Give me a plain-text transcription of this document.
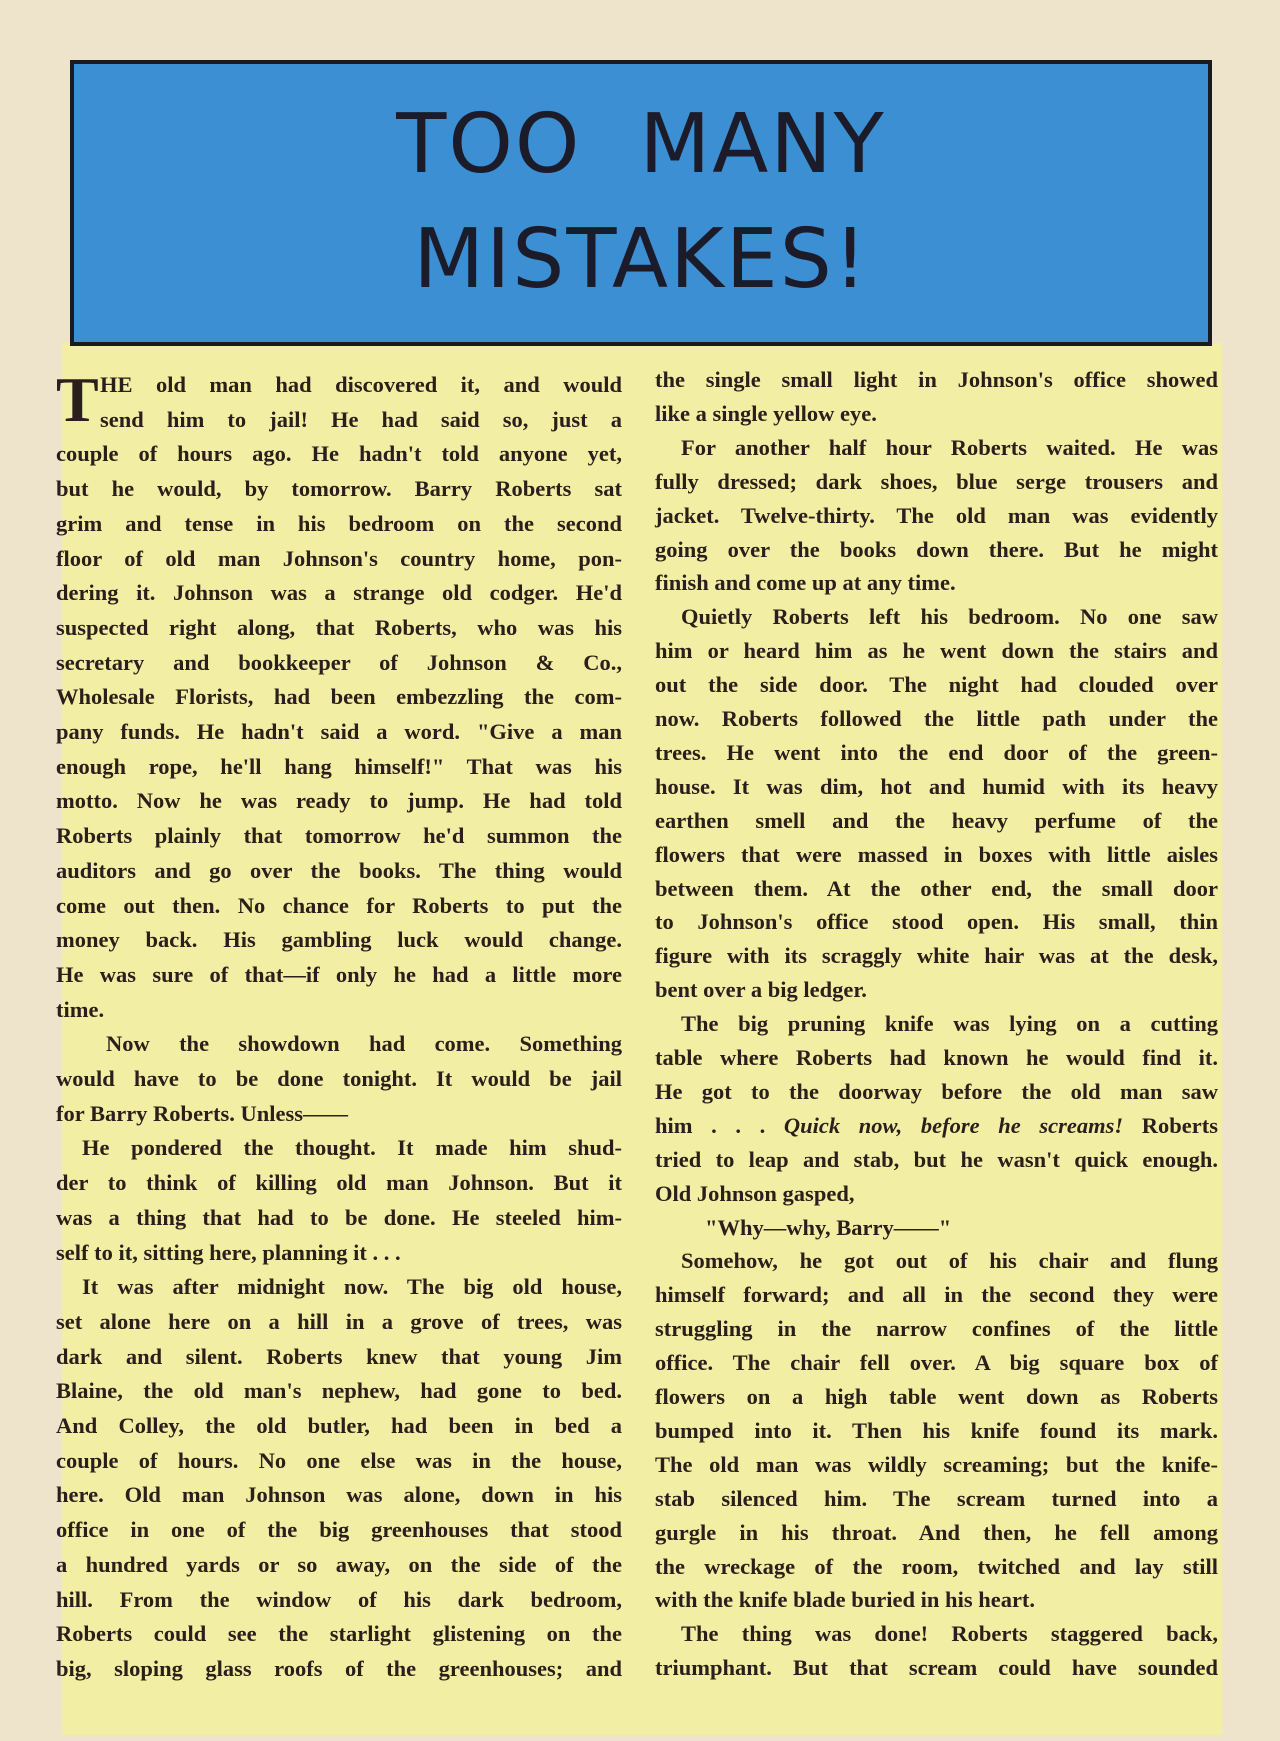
TOO MANY
MISTAKES!
T HE old man had discovered it, and would
send him to jail! He had said so, just a
couple of hours ago. He hadn't told anyone yet,
but he would, by tomorrow. Barry Roberts sat
grim and tense in his bedroom on the second
floor of old man Johnson's country home, pon-
dering it. Johnson was a strange old codger. He'd
suspected right along, that Roberts, who was his
secretary and bookkeeper of Johnson & Co.,
Wholesale Florists, had been embezzling the com-
pany funds. He hadn't said a word. "Give a man
enough rope, he'll hang himself!" That was his
motto. Now he was ready to jump. He had told
Roberts plainly that tomorrow he'd summon the
auditors and go over the books. The thing would
come out then. No chance for Roberts to put the
money back. His gambling luck would change.
He was sure of that—if only he had a little more
time.
Now the showdown had come. Something
would have to be done tonight. It would be jail
for Barry Roberts. Unless——
He pondered the thought. It made him shud-
der to think of killing old man Johnson. But it
was a thing that had to be done. He steeled him-
self to it, sitting here, planning it . . .
It was after midnight now. The big old house,
set alone here on a hill in a grove of trees, was
dark and silent. Roberts knew that young Jim
Blaine, the old man's nephew, had gone to bed.
And Colley, the old butler, had been in bed a
couple of hours. No one else was in the house,
here. Old man Johnson was alone, down in his
office in one of the big greenhouses that stood
a hundred yards or so away, on the side of the
hill. From the window of his dark bedroom,
Roberts could see the starlight glistening on the
big, sloping glass roofs of the greenhouses; and
the single small light in Johnson's office showed
like a single yellow eye.
For another half hour Roberts waited. He was
fully dressed; dark shoes, blue serge trousers and
jacket. Twelve-thirty. The old man was evidently
going over the books down there. But he might
finish and come up at any time.
Quietly Roberts left his bedroom. No one saw
him or heard him as he went down the stairs and
out the side door. The night had clouded over
now. Roberts followed the little path under the
trees. He went into the end door of the green-
house. It was dim, hot and humid with its heavy
earthen smell and the heavy perfume of the
flowers that were massed in boxes with little aisles
between them. At the other end, the small door
to Johnson's office stood open. His small, thin
figure with its scraggly white hair was at the desk,
bent over a big ledger.
The big pruning knife was lying on a cutting
table where Roberts had known he would find it.
He got to the doorway before the old man saw
him . . . Quick now, before he screams! Roberts
tried to leap and stab, but he wasn't quick enough.
Old Johnson gasped,
"Why—why, Barry——"
Somehow, he got out of his chair and flung
himself forward; and all in the second they were
struggling in the narrow confines of the little
office. The chair fell over. A big square box of
flowers on a high table went down as Roberts
bumped into it. Then his knife found its mark.
The old man was wildly screaming; but the knife-
stab silenced him. The scream turned into a
gurgle in his throat. And then, he fell among
the wreckage of the room, twitched and lay still
with the knife blade buried in his heart.
The thing was done! Roberts staggered back,
triumphant. But that scream could have sounded
